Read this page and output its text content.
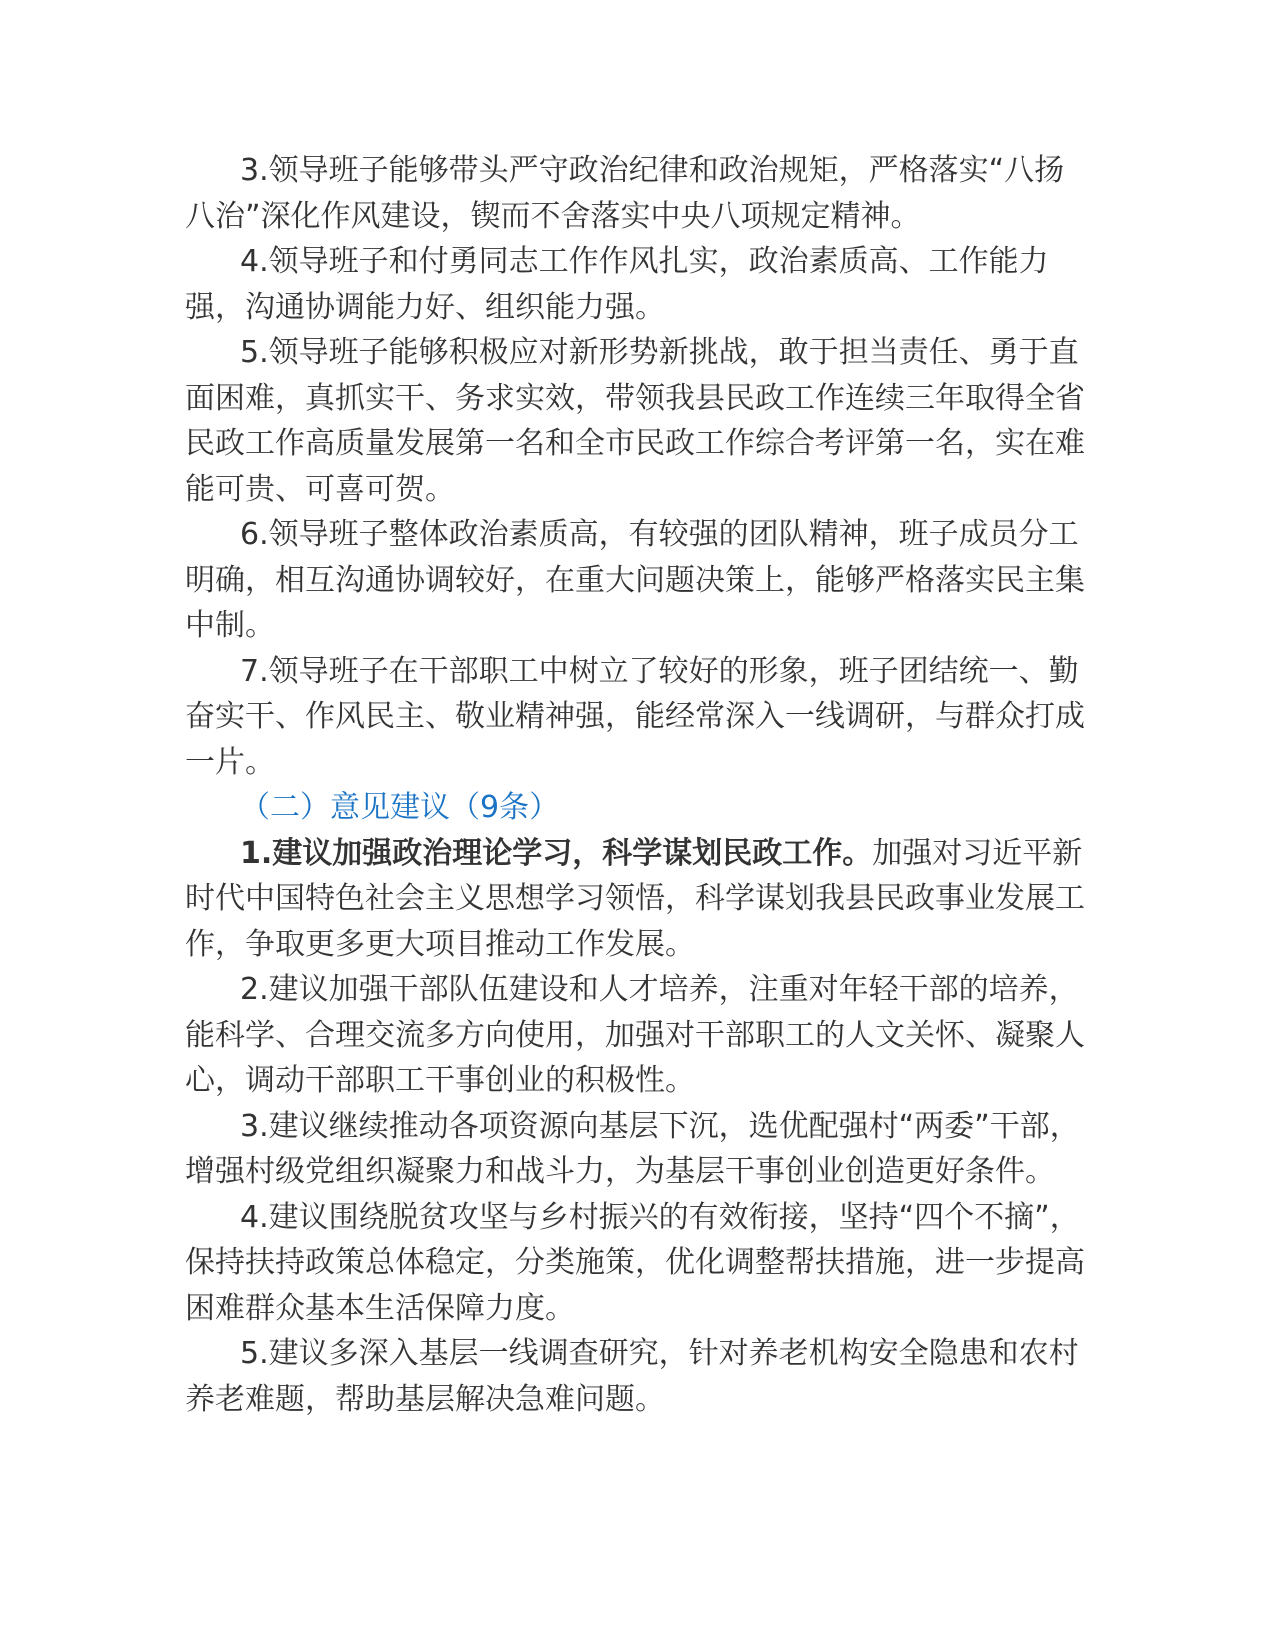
3.领导班子能够带头严守政治纪律和政治规矩，严格落实“八扬八治”深化作风建设，锲而不舍落实中央八项规定精神。

4.领导班子和付勇同志工作作风扎实，政治素质高、工作能力强，沟通协调能力好、组织能力强。

5.领导班子能够积极应对新形势新挑战，敢于担当责任、勇于直面困难，真抓实干、务求实效，带领我县民政工作连续三年取得全省民政工作高质量发展第一名和全市民政工作综合考评第一名，实在难能可贵、可喜可贺。

6.领导班子整体政治素质高，有较强的团队精神，班子成员分工明确，相互沟通协调较好，在重大问题决策上，能够严格落实民主集中制。

7.领导班子在干部职工中树立了较好的形象，班子团结统一、勤奋实干、作风民主、敬业精神强，能经常深入一线调研，与群众打成一片。

（二）意见建议（9条）

1.建议加强政治理论学习，科学谋划民政工作。加强对习近平新时代中国特色社会主义思想学习领悟，科学谋划我县民政事业发展工作，争取更多更大项目推动工作发展。

2.建议加强干部队伍建设和人才培养，注重对年轻干部的培养，能科学、合理交流多方向使用，加强对干部职工的人文关怀、凝聚人心，调动干部职工干事创业的积极性。

3.建议继续推动各项资源向基层下沉，选优配强村“两委”干部，增强村级党组织凝聚力和战斗力，为基层干事创业创造更好条件。

4.建议围绕脱贫攻坚与乡村振兴的有效衔接，坚持“四个不摘”，保持扶持政策总体稳定，分类施策，优化调整帮扶措施，进一步提高困难群众基本生活保障力度。

5.建议多深入基层一线调查研究，针对养老机构安全隐患和农村养老难题，帮助基层解决急难问题。
